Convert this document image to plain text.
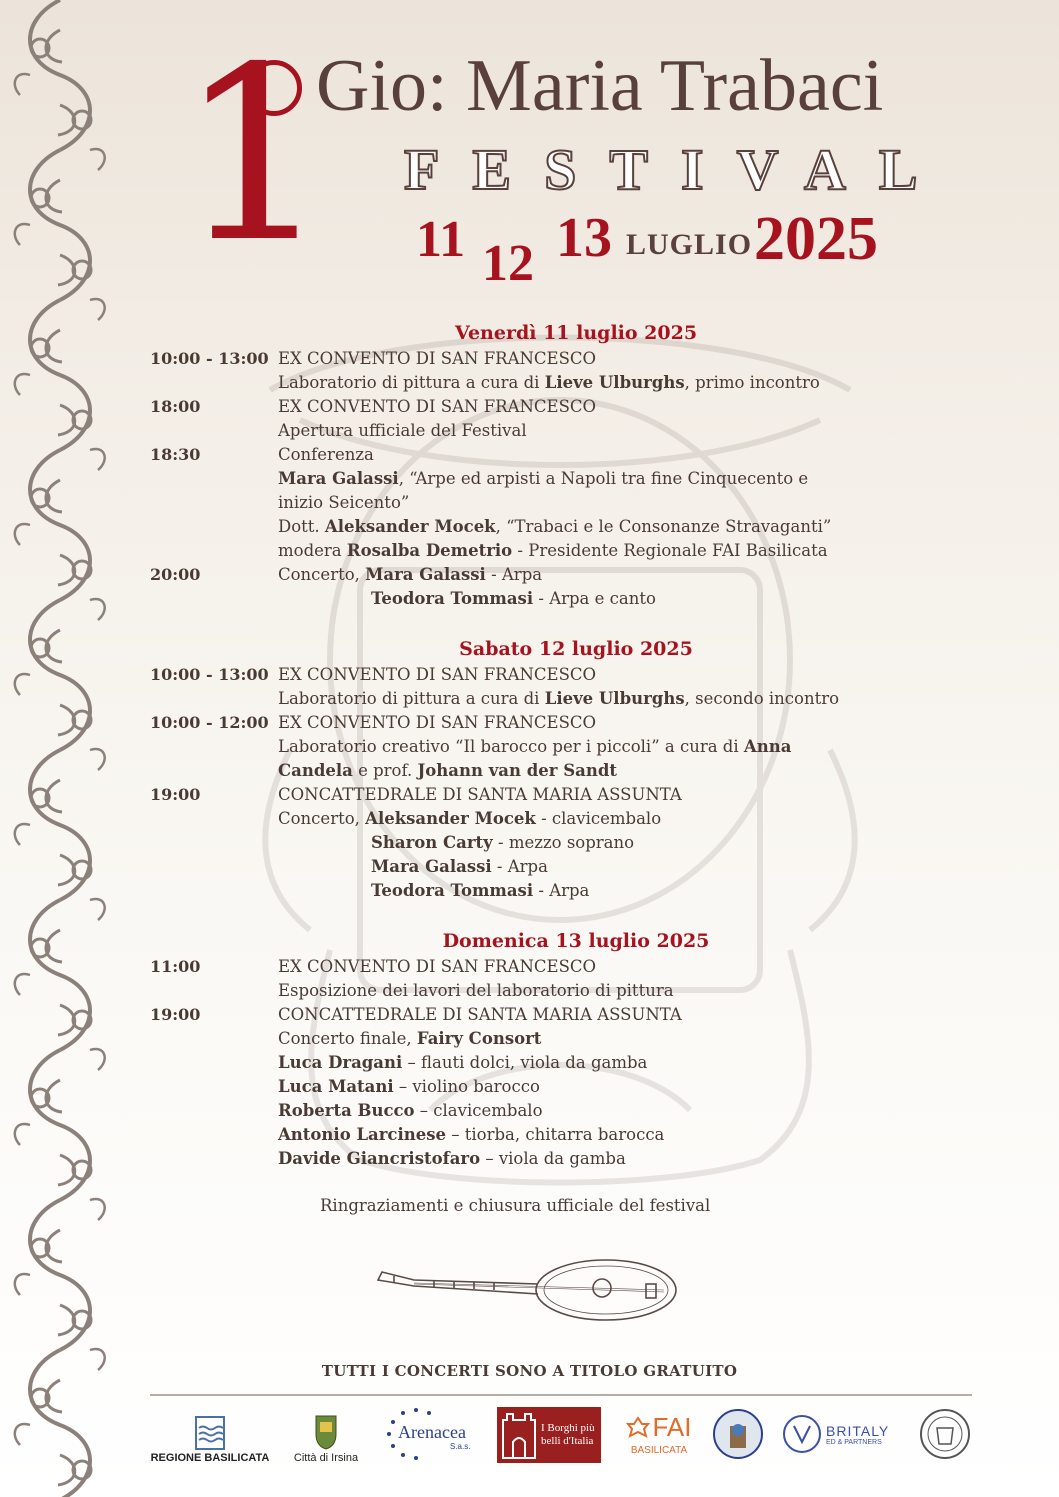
1
Gio: Maria Trabaci
FESTIVAL
11 12 13 LUGLIO 2025
Venerdì 11 luglio 2025
10:00 - 13:00 EX CONVENTO DI SAN FRANCESCO
Laboratorio di pittura a cura di Lieve Ulburghs, primo incontro
18:00	EX CONVENTO DI SAN FRANCESCO
Apertura ufficiale del Festival
18:30	Conferenza
Mara Galassi, “Arpe ed arpisti a Napoli tra fine Cinquecento e
inizio Seicento”
Dott. Aleksander Mocek, “Trabaci e le Consonanze Stravaganti”
modera Rosalba Demetrio - Presidente Regionale FAI Basilicata
20:00	Concerto, Mara Galassi - Arpa
Teodora Tommasi - Arpa e canto
Sabato 12 luglio 2025
10:00 - 13:00 EX CONVENTO DI SAN FRANCESCO
Laboratorio di pittura a cura di Lieve Ulburghs, secondo incontro
10:00 - 12:00 EX CONVENTO DI SAN FRANCESCO
Laboratorio creativo “Il barocco per i piccoli” a cura di Anna
Candela e prof. Johann van der Sandt
19:00	CONCATTEDRALE DI SANTA MARIA ASSUNTA
Concerto, Aleksander Mocek - clavicembalo
Sharon Carty - mezzo soprano
Mara Galassi - Arpa
Teodora Tommasi - Arpa
Domenica 13 luglio 2025
11:00	EX CONVENTO DI SAN FRANCESCO
Esposizione dei lavori del laboratorio di pittura
19:00	CONCATTEDRALE DI SANTA MARIA ASSUNTA
Concerto finale, Fairy Consort
Luca Dragani – flauti dolci, viola da gamba
Luca Matani – violino barocco
Roberta Bucco – clavicembalo
Antonio Larcinese – tiorba, chitarra barocca
Davide Giancristofaro – viola da gamba
Ringraziamenti e chiusura ufficiale del festival
TUTTI I CONCERTI SONO A TITOLO GRATUITO
REGIONE BASILICATA Città di Irsina
Arenacea
S.a.s.
I Borghi più belli d'Italia FAI
BASILICATA
BRITALY
ED & PARTNERS
